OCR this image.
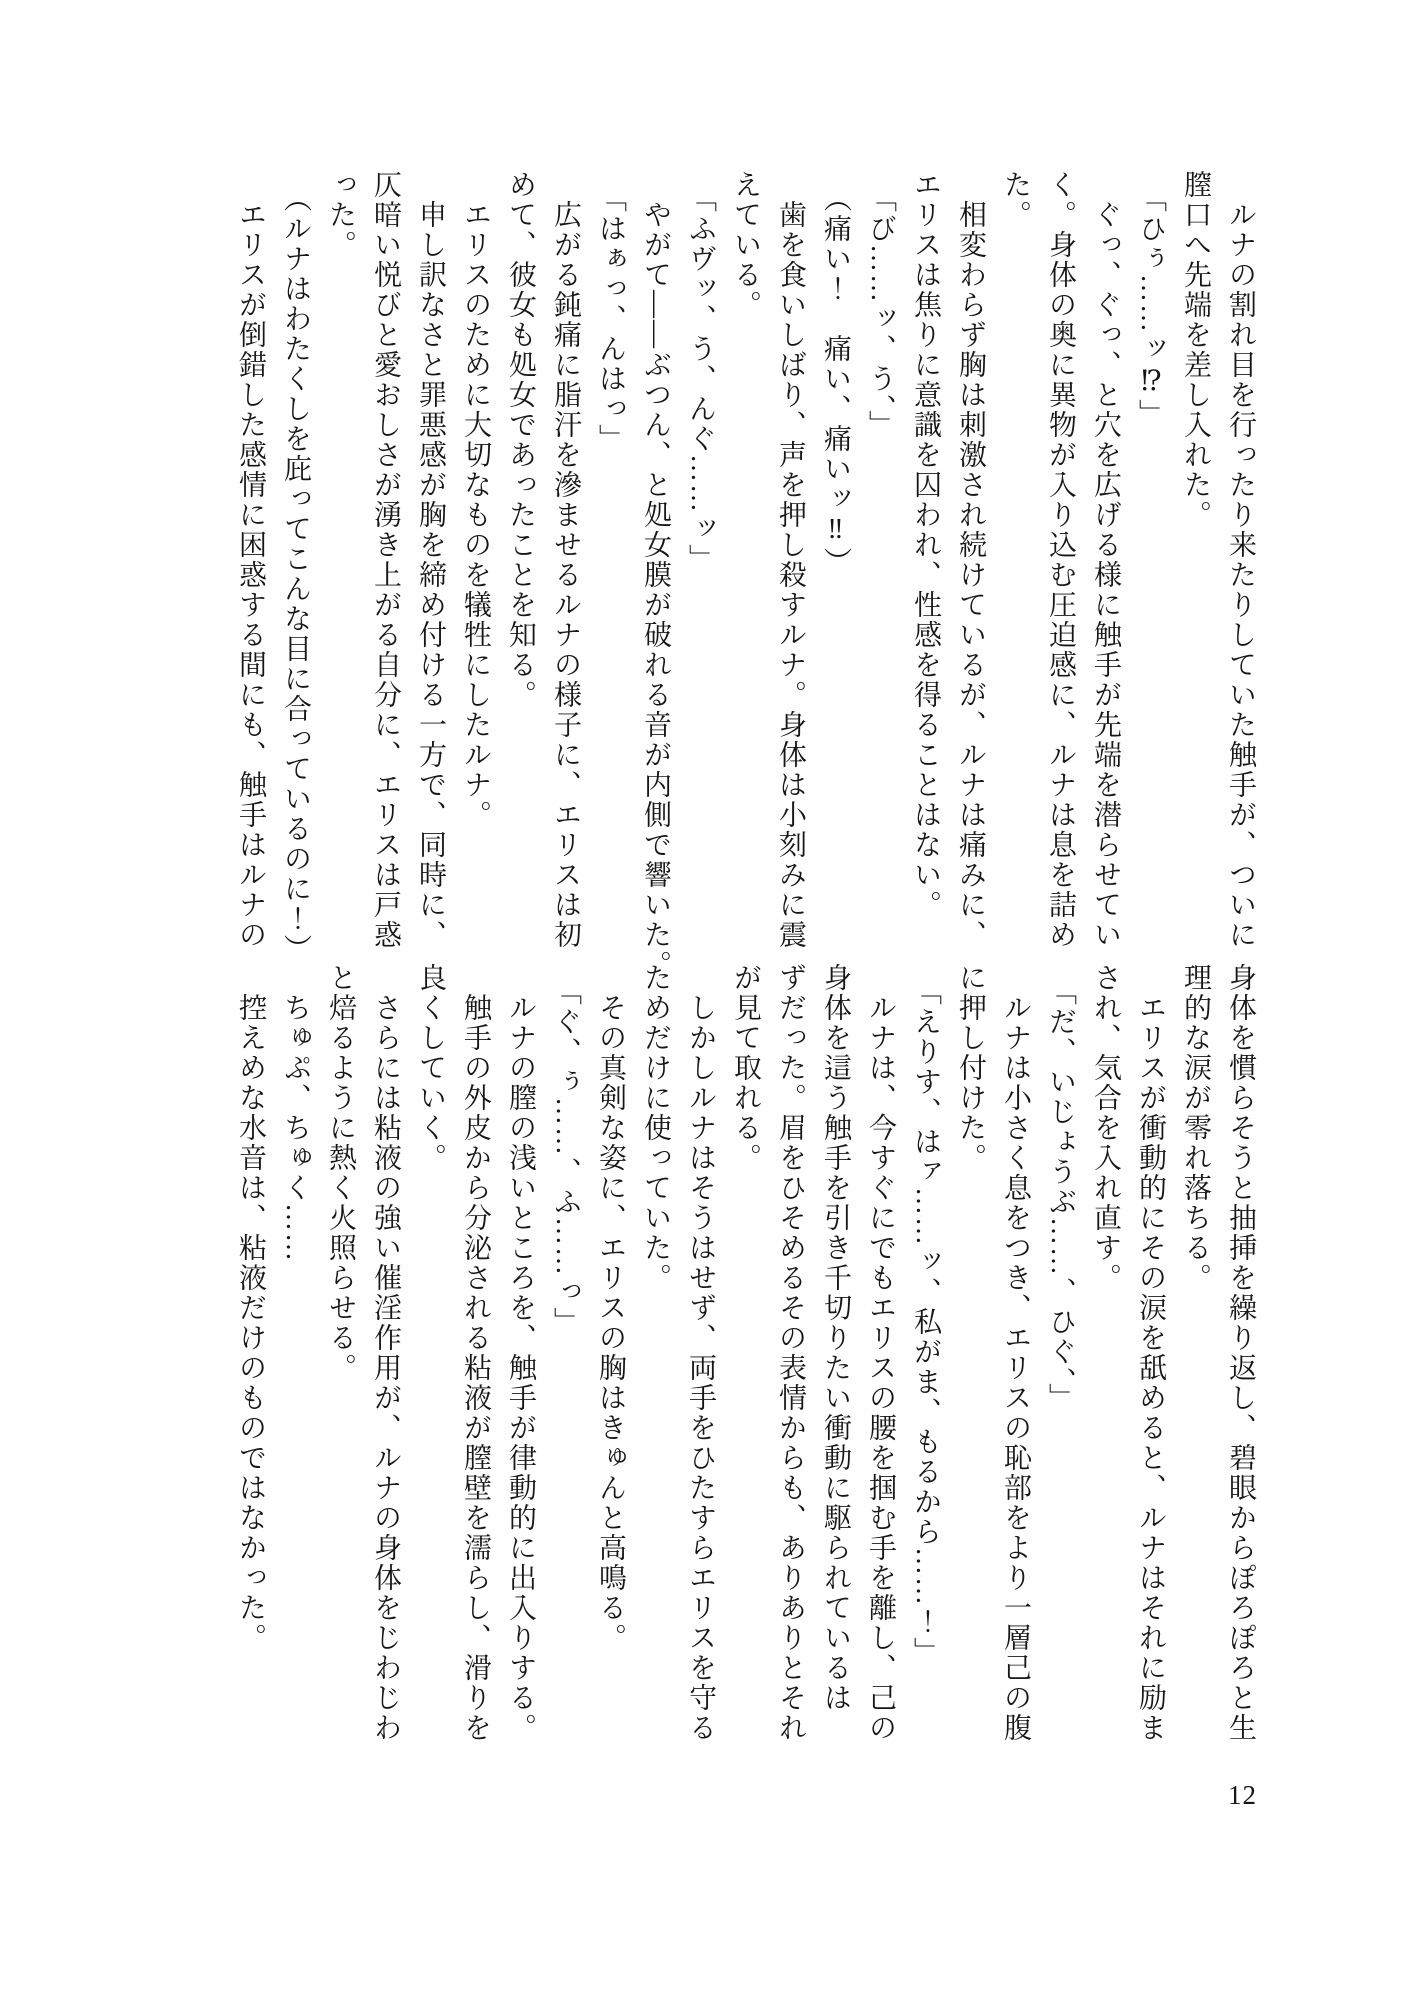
　ルナの割れ目を行ったり来たりしていた触手が、ついに

膣口へ先端を差し入れた。

「ひぅ……ッ⁉」

　ぐっ、ぐっ、と穴を広げる様に触手が先端を潜らせてい

く。身体の奥に異物が入り込む圧迫感に、ルナは息を詰め

た。

　相変わらず胸は刺激され続けているが、ルナは痛みに、

エリスは焦りに意識を囚われ、性感を得ることはない。

「び……ッ、う、」

（痛い！　痛い、痛いッ‼）

　歯を食いしばり、声を押し殺すルナ。身体は小刻みに震

えている。

「ふヴッ、う、んぐ……ッ」

　やがて――ぶつん、と処女膜が破れる音が内側で響いた。

「はぁっ、んはっ」

　広がる鈍痛に脂汗を滲ませるルナの様子に、エリスは初

めて、彼女も処女であったことを知る。

　エリスのために大切なものを犠牲にしたルナ。

　申し訳なさと罪悪感が胸を締め付ける一方で、同時に、

仄暗い悦びと愛おしさが湧き上がる自分に、エリスは戸惑

った。

（ルナはわたくしを庇ってこんな目に合っているのに！）

　エリスが倒錯した感情に困惑する間にも、触手はルナの

身体を慣らそうと抽挿を繰り返し、碧眼からぽろぽろと生

理的な涙が零れ落ちる。

　エリスが衝動的にその涙を舐めると、ルナはそれに励ま

され、気合を入れ直す。

「だ、いじょうぶ……、ひぐ、」

　ルナは小さく息をつき、エリスの恥部をより一層己の腹

に押し付けた。

「えりす、はァ……ッ、私がま、もるから……！」

　ルナは、今すぐにでもエリスの腰を掴む手を離し、己の

身体を這う触手を引き千切りたい衝動に駆られているは

ずだった。眉をひそめるその表情からも、ありありとそれ

が見て取れる。

　しかしルナはそうはせず、両手をひたすらエリスを守る

ためだけに使っていた。

　その真剣な姿に、エリスの胸はきゅんと高鳴る。

「ぐ、ぅ……、ふ……っ」

　ルナの膣の浅いところを、触手が律動的に出入りする。

　触手の外皮から分泌される粘液が膣壁を濡らし、滑りを

良くしていく。

　さらには粘液の強い催淫作用が、ルナの身体をじわじわ

と焙るように熱く火照らせる。

　ちゅぷ、ちゅく……

　控えめな水音は、粘液だけのものではなかった。

12
